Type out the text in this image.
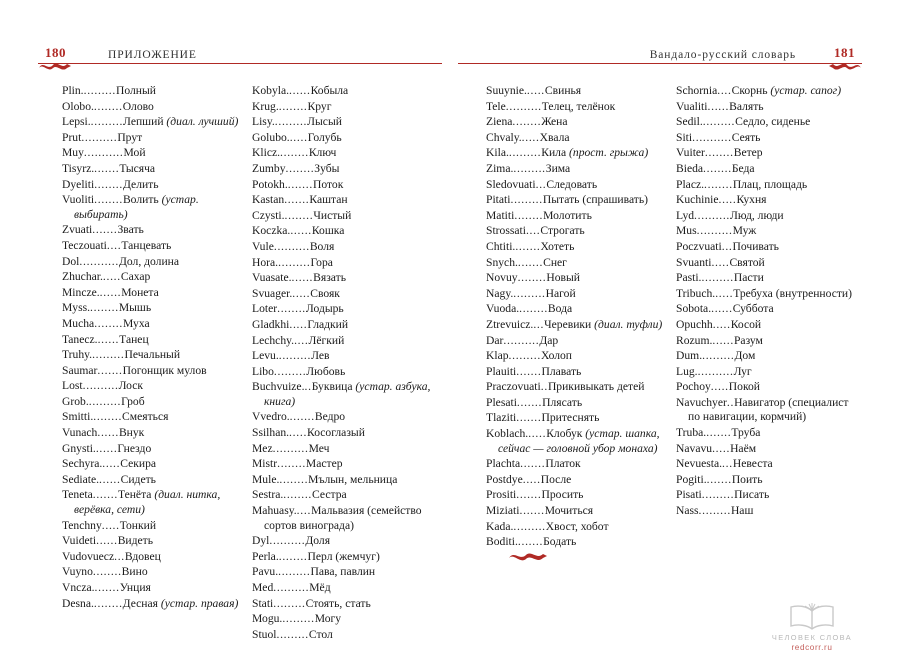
180	ПРИЛОЖЕНИЕ	181
Вандало-русский словарь
Plin..........Полный
Olobo.........Олово
Lepsi..........Лепший (диал. лучший)
Prut..........Прут
Muy...........Мой
Tisyrz........Тысяча
Dyeliti........Делить
Vuoliti........Волить (устар. выбирать)
Zvuati.......Звать
Teczouati....Танцевать
Dol...........Дол, долина
Zhuchar......Сахар
Mincze.......Монета
Myss.........Мышь
Mucha........Муха
Tanecz.......Танец
Truhy..........Печальный
Saumar.......Погонщик мулов
Lost..........Лоск
Grob..........Гроб
Smitti.........Смеяться
Vunach......Внук
Gnysti.......Гнездо
Sechyra......Секира
Sediate.......Сидеть
Teneta.......Тенёта (диал. нитка, верёвка, сети)
Tenchny.....Тонкий
Vuideti......Видеть
Vudovuecz...Вдовец
Vuyno........Вино
Vncza........Унция
Desna.........Десная (устар. правая)
Kobyla.......Кобыла
Krug.........Круг
Lisy..........Лысый
Golubo......Голубь
Klicz.........Ключ
Zumby........Зубы
Potokh........Поток
Kastan.......Каштан
Czysti.........Чистый
Koczka.......Кошка
Vule..........Воля
Hora..........Гора
Vuasate.......Вязать
Svuager......Свояк
Loter........Лодырь
Gladkhi.....Гладкий
Lechchy.....Лёгкий
Levu..........Лев
Libo.........Любовь
Buchvuize...Буквица (устар. азбука, книга)
Vvedro........Ведро
Ssilhan......Косоглазый
Mez..........Меч
Mistr........Мастер
Mule.........Мълын, мельница
Sestra.........Сестра
Mahuasy.....Мальвазия (семейство сортов винограда)
Dyl..........Доля
Perla.........Перл (жемчуг)
Pavu..........Пава, павлин
Med..........Мёд
Stati.........Стоять, стать
Моgu..........Могу
Stuol.........Стол
Suuynie......Свинья
Tele..........Телец, телёнок
Ziena........Жена
Chvaly......Хвала
Kila..........Кила (прост. грыжа)
Zima..........Зима
Sledovuati...Следовать
Pitati.........Пытать (спрашивать)
Matiti........Молотить
Strossati....Строгать
Chtiti........Хотеть
Snych........Снег
Novuy........Новый
Nagy..........Нагой
Vuoda.........Вода
Ztrevuicz....Черевики (диал. туфли)
Dar..........Дар
Klap.........Холоп
Plauiti.......Плавать
Praczovuati..Прикивыкать детей
Plesati.......Плясать
Tlaziti.......Притеснять
Koblach......Клобук (устар. шапка, сейчас — головной убор монаха)
Plachta.......Платок
Postdye.....После
Prositi.......Просить
Miziati.......Мочиться
Kada..........Хвост, хобот
Boditi........Бодать
Schornia....Скорнь (устар. сапог)
Vualiti......Валять
Sedil..........Седло, сиденье
Siti...........Сеять
Vuiter........Ветер
Bieda........Беда
Placz.........Плац, площадь
Kuchinie.....Кухня
Lyd..........Люд, люди
Mus..........Муж
Poczvuati...Почивать
Svuanti.....Святой
Pasti..........Пасти
Tribuch......Требуха (внутренности)
Sobota.......Суббота
Opuchh.....Косой
Rozum.......Разум
Dum..........Дом
Lug...........Луг
Pochoy.....Покой
Navuchyer..Навигатор (специалист по навигации, кормчий)
Truba........Труба
Navavu.....Наём
Nevuesta....Невеста
Pogiti........Поить
Pisati.........Писать
Nass.........Наш
ЧЕЛОВЕК СЛОВА
redcorr.ru
